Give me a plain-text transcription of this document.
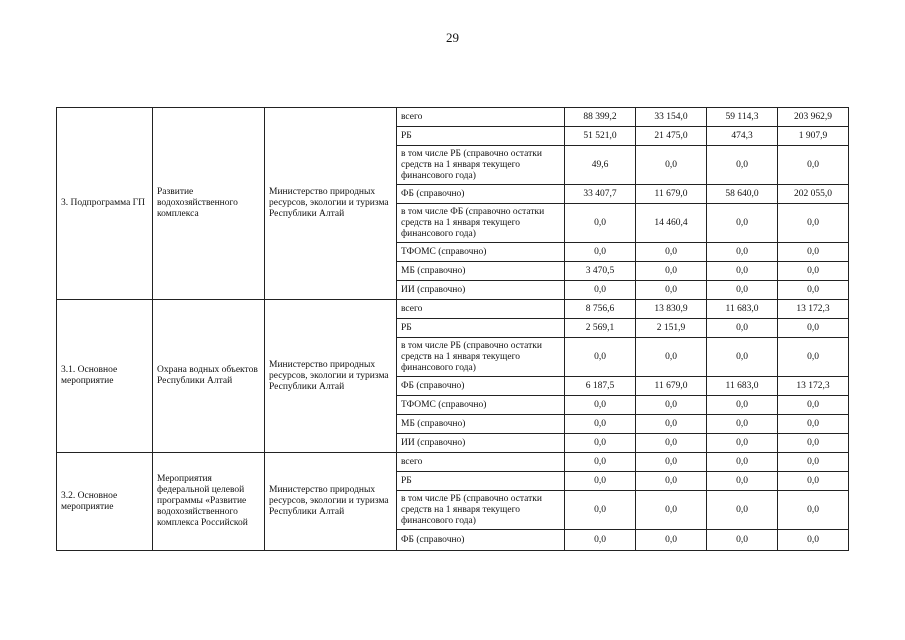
29
3. Подпрограмма ГП	Развитие водохозяйственного комплекса	Министерство природных ресурсов, экологии и туризма Республики Алтай	всего	88 399,2	33 154,0	59 114,3	203 962,9
			РБ	51 521,0	21 475,0	474,3	1 907,9
			в том числе РБ (справочно остатки средств на 1 января текущего финансового года)	49,6	0,0	0,0	0,0
			ФБ (справочно)	33 407,7	11 679,0	58 640,0	202 055,0
			в том числе ФБ (справочно остатки средств на 1 января текущего финансового года)	0,0	14 460,4	0,0	0,0
			ТФОМС (справочно)	0,0	0,0	0,0	0,0
			МБ (справочно)	3 470,5	0,0	0,0	0,0
			ИИ (справочно)	0,0	0,0	0,0	0,0
3.1. Основное мероприятие	Охрана водных объектов Республики Алтай	Министерство природных ресурсов, экологии и туризма Республики Алтай	всего	8 756,6	13 830,9	11 683,0	13 172,3
			РБ	2 569,1	2 151,9	0,0	0,0
			в том числе РБ (справочно остатки средств на 1 января текущего финансового года)	0,0	0,0	0,0	0,0
			ФБ (справочно)	6 187,5	11 679,0	11 683,0	13 172,3
			ТФОМС (справочно)	0,0	0,0	0,0	0,0
			МБ (справочно)	0,0	0,0	0,0	0,0
			ИИ (справочно)	0,0	0,0	0,0	0,0
3.2. Основное мероприятие	Мероприятия федеральной целевой программы «Развитие водохозяйственного комплекса Российской	Министерство природных ресурсов, экологии и туризма Республики Алтай	всего	0,0	0,0	0,0	0,0
			РБ	0,0	0,0	0,0	0,0
			в том числе РБ (справочно остатки средств на 1 января текущего финансового года)	0,0	0,0	0,0	0,0
			ФБ (справочно)	0,0	0,0	0,0	0,0
